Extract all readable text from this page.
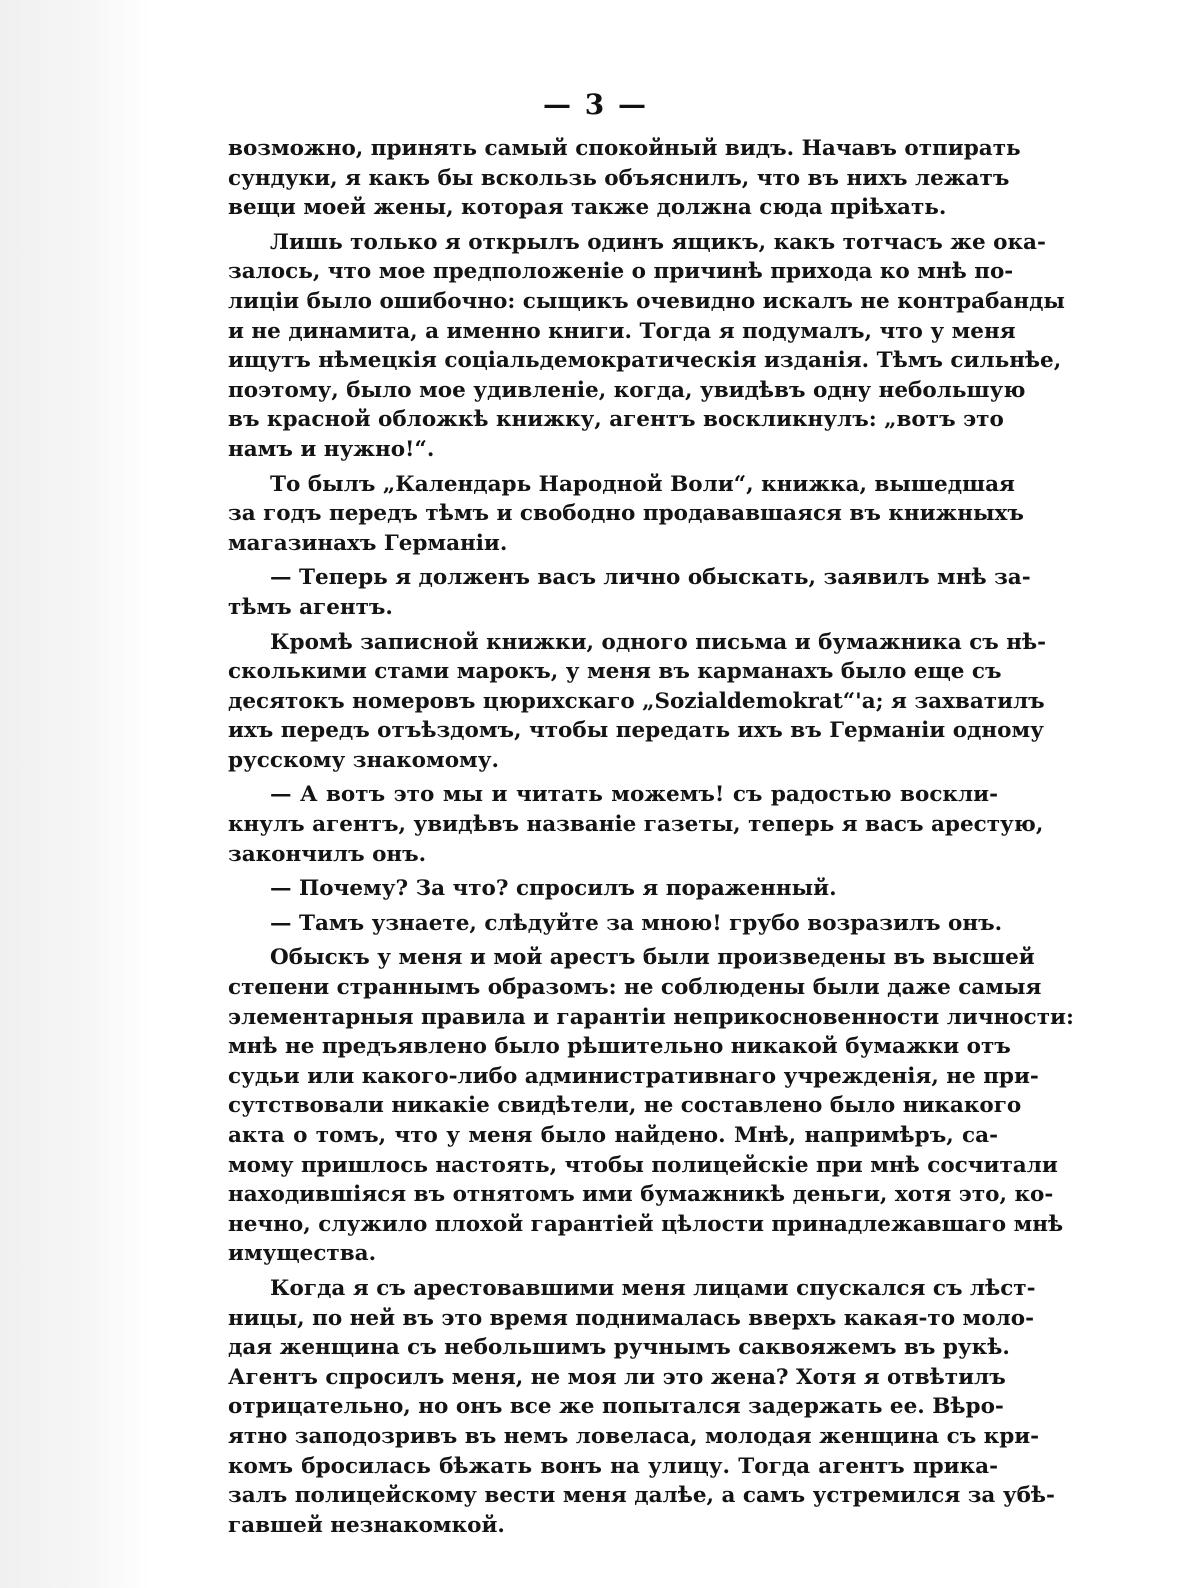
— 3 —
возможно, принять самый спокойный видъ. Начавъ отпирать
сундуки, я какъ бы вскользь объяснилъ, что въ нихъ лежатъ
вещи моей жены, которая также должна сюда прiѣхать.
Лишь только я открылъ одинъ ящикъ, какъ тотчасъ же ока-
залось, что мое предположенiе о причинѣ прихода ко мнѣ по-
лицiи было ошибочно: сыщикъ очевидно искалъ не контрабанды
и не динамита, а именно книги. Тогда я подумалъ, что у меня
ищутъ нѣмецкiя соцiальдемократическiя изданiя. Тѣмъ сильнѣе,
поэтому, было мое удивленiе, когда, увидѣвъ одну небольшую
въ красной обложкѣ книжку, агентъ воскликнулъ: „вотъ это
намъ и нужно!“.
То былъ „Календарь Народной Воли“, книжка, вышедшая
за годъ передъ тѣмъ и свободно продававшаяся въ книжныхъ
магазинахъ Германiи.
— Теперь я долженъ васъ лично обыскать, заявилъ мнѣ за-
тѣмъ агентъ.
Кромѣ записной книжки, одного письма и бумажника съ нѣ-
сколькими стами марокъ, у меня въ карманахъ было еще съ
десятокъ номеровъ цюрихскаго „Sozialdemokrat“'а; я захватилъ
ихъ передъ отъѣздомъ, чтобы передать ихъ въ Германiи одному
русскому знакомому.
— А вотъ это мы и читать можемъ! съ радостью воскли-
кнулъ агентъ, увидѣвъ названiе газеты, теперь я васъ арестую,
закончилъ онъ.
— Почему? За что? спросилъ я пораженный.
— Тамъ узнаете, слѣдуйте за мною! грубо возразилъ онъ.
Обыскъ у меня и мой арестъ были произведены въ высшей
степени страннымъ образомъ: не соблюдены были даже самыя
элементарныя правила и гарантiи неприкосновенности личности:
мнѣ не предъявлено было рѣшительно никакой бумажки отъ
судьи или какого-либо административнаго учрежденiя, не при-
сутствовали никакiе свидѣтели, не составлено было никакого
акта о томъ, что у меня было найдено. Мнѣ, напримѣръ, са-
мому пришлось настоять, чтобы полицейскiе при мнѣ сосчитали
находившiяся въ отнятомъ ими бумажникѣ деньги, хотя это, ко-
нечно, служило плохой гарантiей цѣлости принадлежавшаго мнѣ
имущества.
Когда я съ арестовавшими меня лицами спускался съ лѣст-
ницы, по ней въ это время поднималась вверхъ какая-то моло-
дая женщина съ небольшимъ ручнымъ саквояжемъ въ рукѣ.
Агентъ спросилъ меня, не моя ли это жена? Хотя я отвѣтилъ
отрицательно, но онъ все же попытался задержать ее. Вѣро-
ятно заподозривъ въ немъ ловеласа, молодая женщина съ кри-
комъ бросилась бѣжать вонъ на улицу. Тогда агентъ прика-
залъ полицейскому вести меня далѣе, а самъ устремился за убѣ-
гавшей незнакомкой.
